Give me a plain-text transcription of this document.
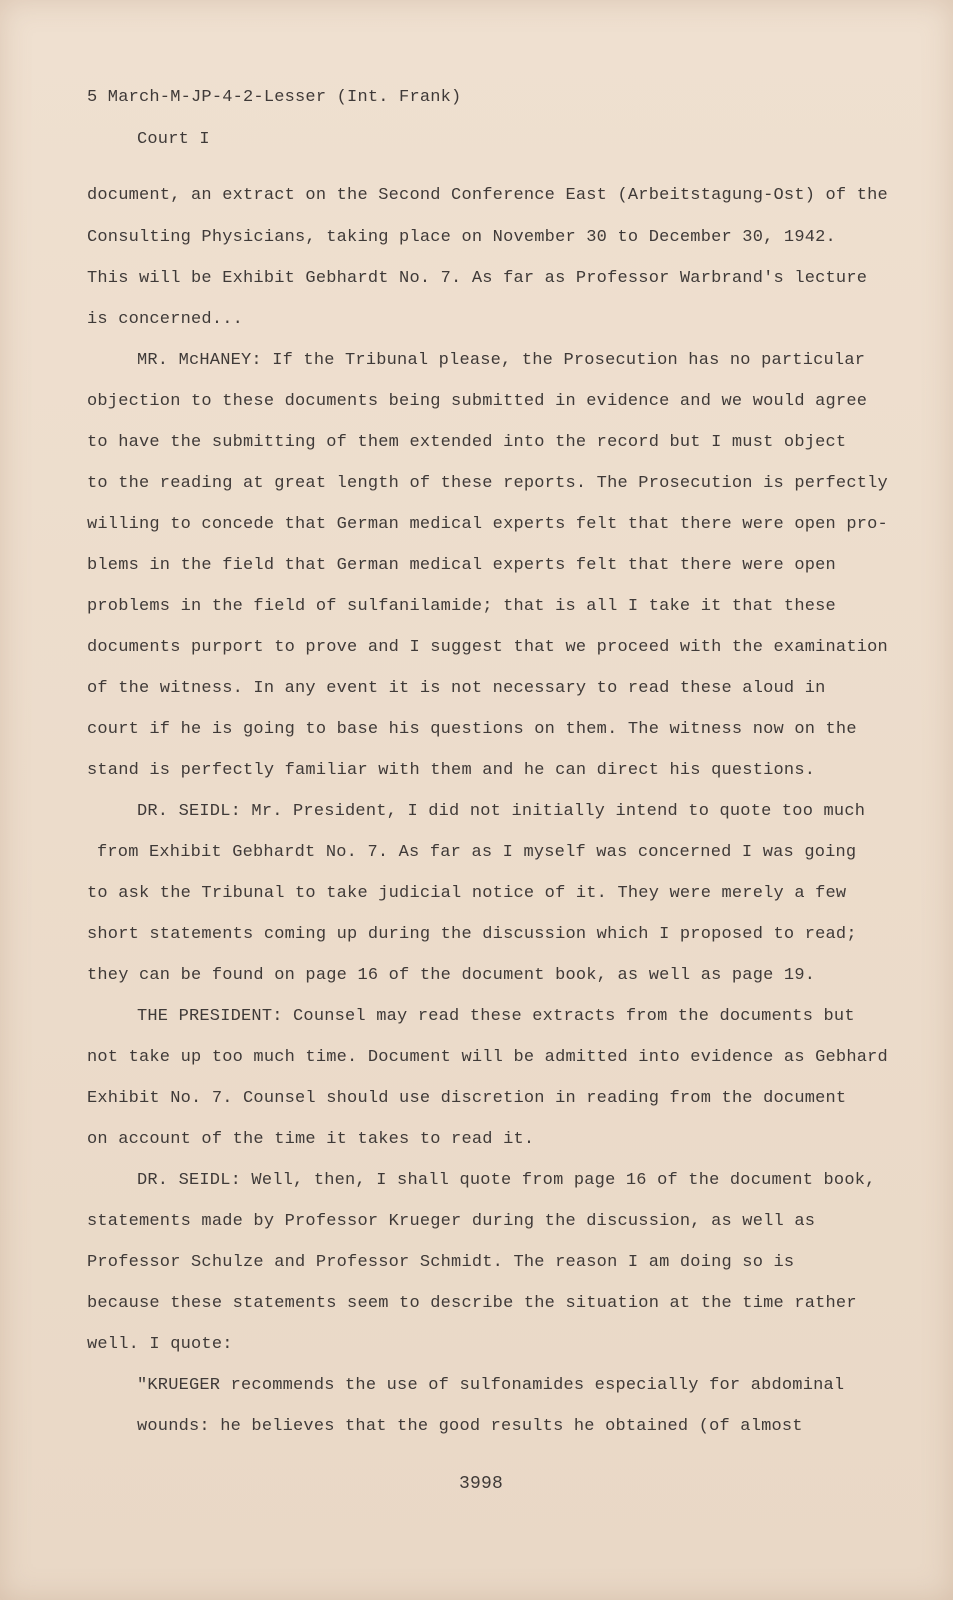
5 March-M-JP-4-2-Lesser (Int. Frank)
Court I
document, an extract on the Second Conference East (Arbeitstagung-Ost) of the
Consulting Physicians, taking place on November 30 to December 30, 1942.
This will be Exhibit Gebhardt No. 7. As far as Professor Warbrand's lecture
is concerned...
MR. McHANEY: If the Tribunal please, the Prosecution has no particular
objection to these documents being submitted in evidence and we would agree
to have the submitting of them extended into the record but I must object
to the reading at great length of these reports. The Prosecution is perfectly
willing to concede that German medical experts felt that there were open pro-
blems in the field that German medical experts felt that there were open
problems in the field of sulfanilamide; that is all I take it that these
documents purport to prove and I suggest that we proceed with the examination
of the witness. In any event it is not necessary to read these aloud in
court if he is going to base his questions on them. The witness now on the
stand is perfectly familiar with them and he can direct his questions.
DR. SEIDL: Mr. President, I did not initially intend to quote too much
from Exhibit Gebhardt No. 7. As far as I myself was concerned I was going
to ask the Tribunal to take judicial notice of it. They were merely a few
short statements coming up during the discussion which I proposed to read;
they can be found on page 16 of the document book, as well as page 19.
THE PRESIDENT: Counsel may read these extracts from the documents but
not take up too much time. Document will be admitted into evidence as Gebhard
Exhibit No. 7. Counsel should use discretion in reading from the document
on account of the time it takes to read it.
DR. SEIDL: Well, then, I shall quote from page 16 of the document book,
statements made by Professor Krueger during the discussion, as well as
Professor Schulze and Professor Schmidt. The reason I am doing so is
because these statements seem to describe the situation at the time rather
well. I quote:
"KRUEGER recommends the use of sulfonamides especially for abdominal
wounds: he believes that the good results he obtained (of almost
3998
